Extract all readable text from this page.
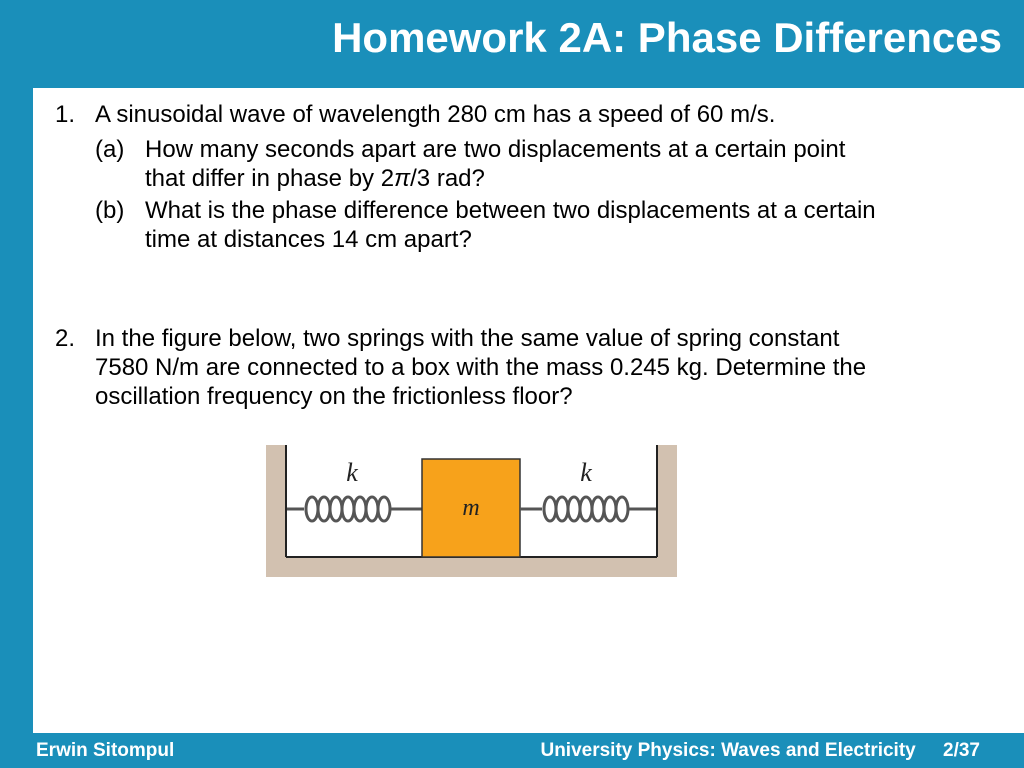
Homework 2A: Phase Differences
1. A sinusoidal wave of wavelength 280 cm has a speed of 60 m/s.
(a) How many seconds apart are two displacements at a certain point
that differ in phase by 2π/3 rad?
(b) What is the phase difference between two displacements at a certain
time at distances 14 cm apart?
2. In the figure below, two springs with the same value of spring constant
7580 N/m are connected to a box with the mass 0.245 kg. Determine the
oscillation frequency on the frictionless floor?
k
m
k
Erwin Sitompul	University Physics: Waves and Electricity 2/37
